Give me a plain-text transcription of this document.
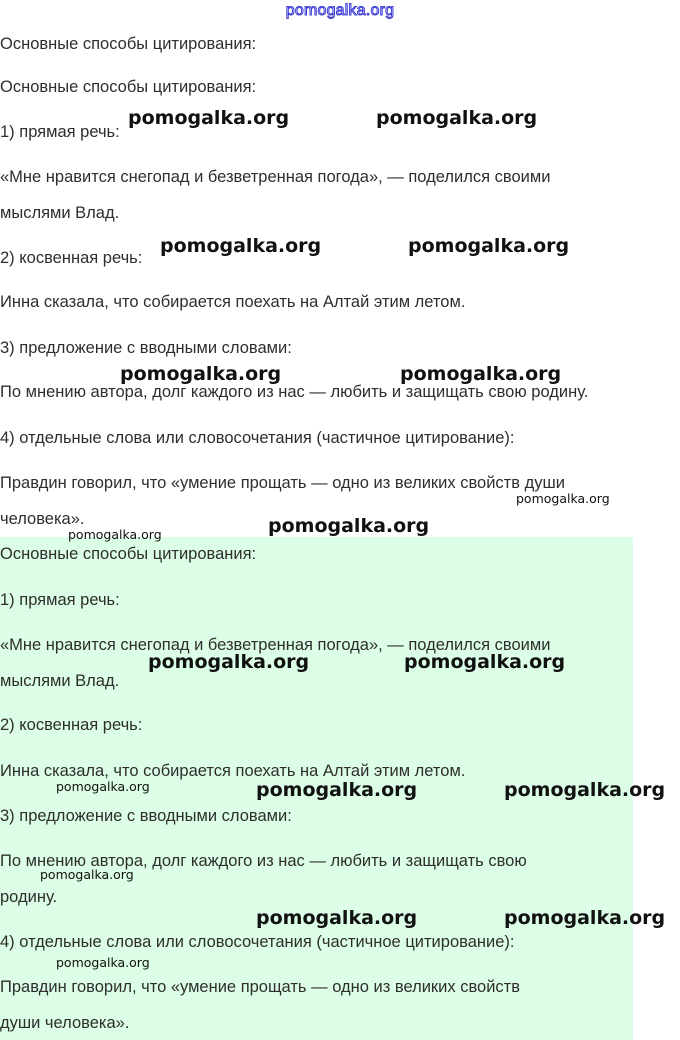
pomogalka.org
Основные способы цитирования:
Основные способы цитирования:
1) прямая речь:
«Мне нравится снегопад и безветренная погода», — поделился своими
мыслями Влад.
2) косвенная речь:
Инна сказала, что собирается поехать на Алтай этим летом.
3) предложение с вводными словами:
По мнению автора, долг каждого из нас — любить и защищать свою родину.
4) отдельные слова или словосочетания (частичное цитирование):
Правдин говорил, что «умение прощать — одно из великих свойств души
человека».
Основные способы цитирования:
1) прямая речь:
«Мне нравится снегопад и безветренная погода», — поделился своими
мыслями Влад.
2) косвенная речь:
Инна сказала, что собирается поехать на Алтай этим летом.
3) предложение с вводными словами:
По мнению автора, долг каждого из нас — любить и защищать свою
родину.
4) отдельные слова или словосочетания (частичное цитирование):
Правдин говорил, что «умение прощать — одно из великих свойств
души человека».
pomogalka.org	pomogalka.org
pomogalka.org	pomogalka.org
pomogalka.org	pomogalka.org
pomogalka.org
pomogalka.org	pomogalka.org
pomogalka.org	pomogalka.org
pomogalka.org	pomogalka.org	pomogalka.org
pomogalka.org
pomogalka.org	pomogalka.org
pomogalka.org
